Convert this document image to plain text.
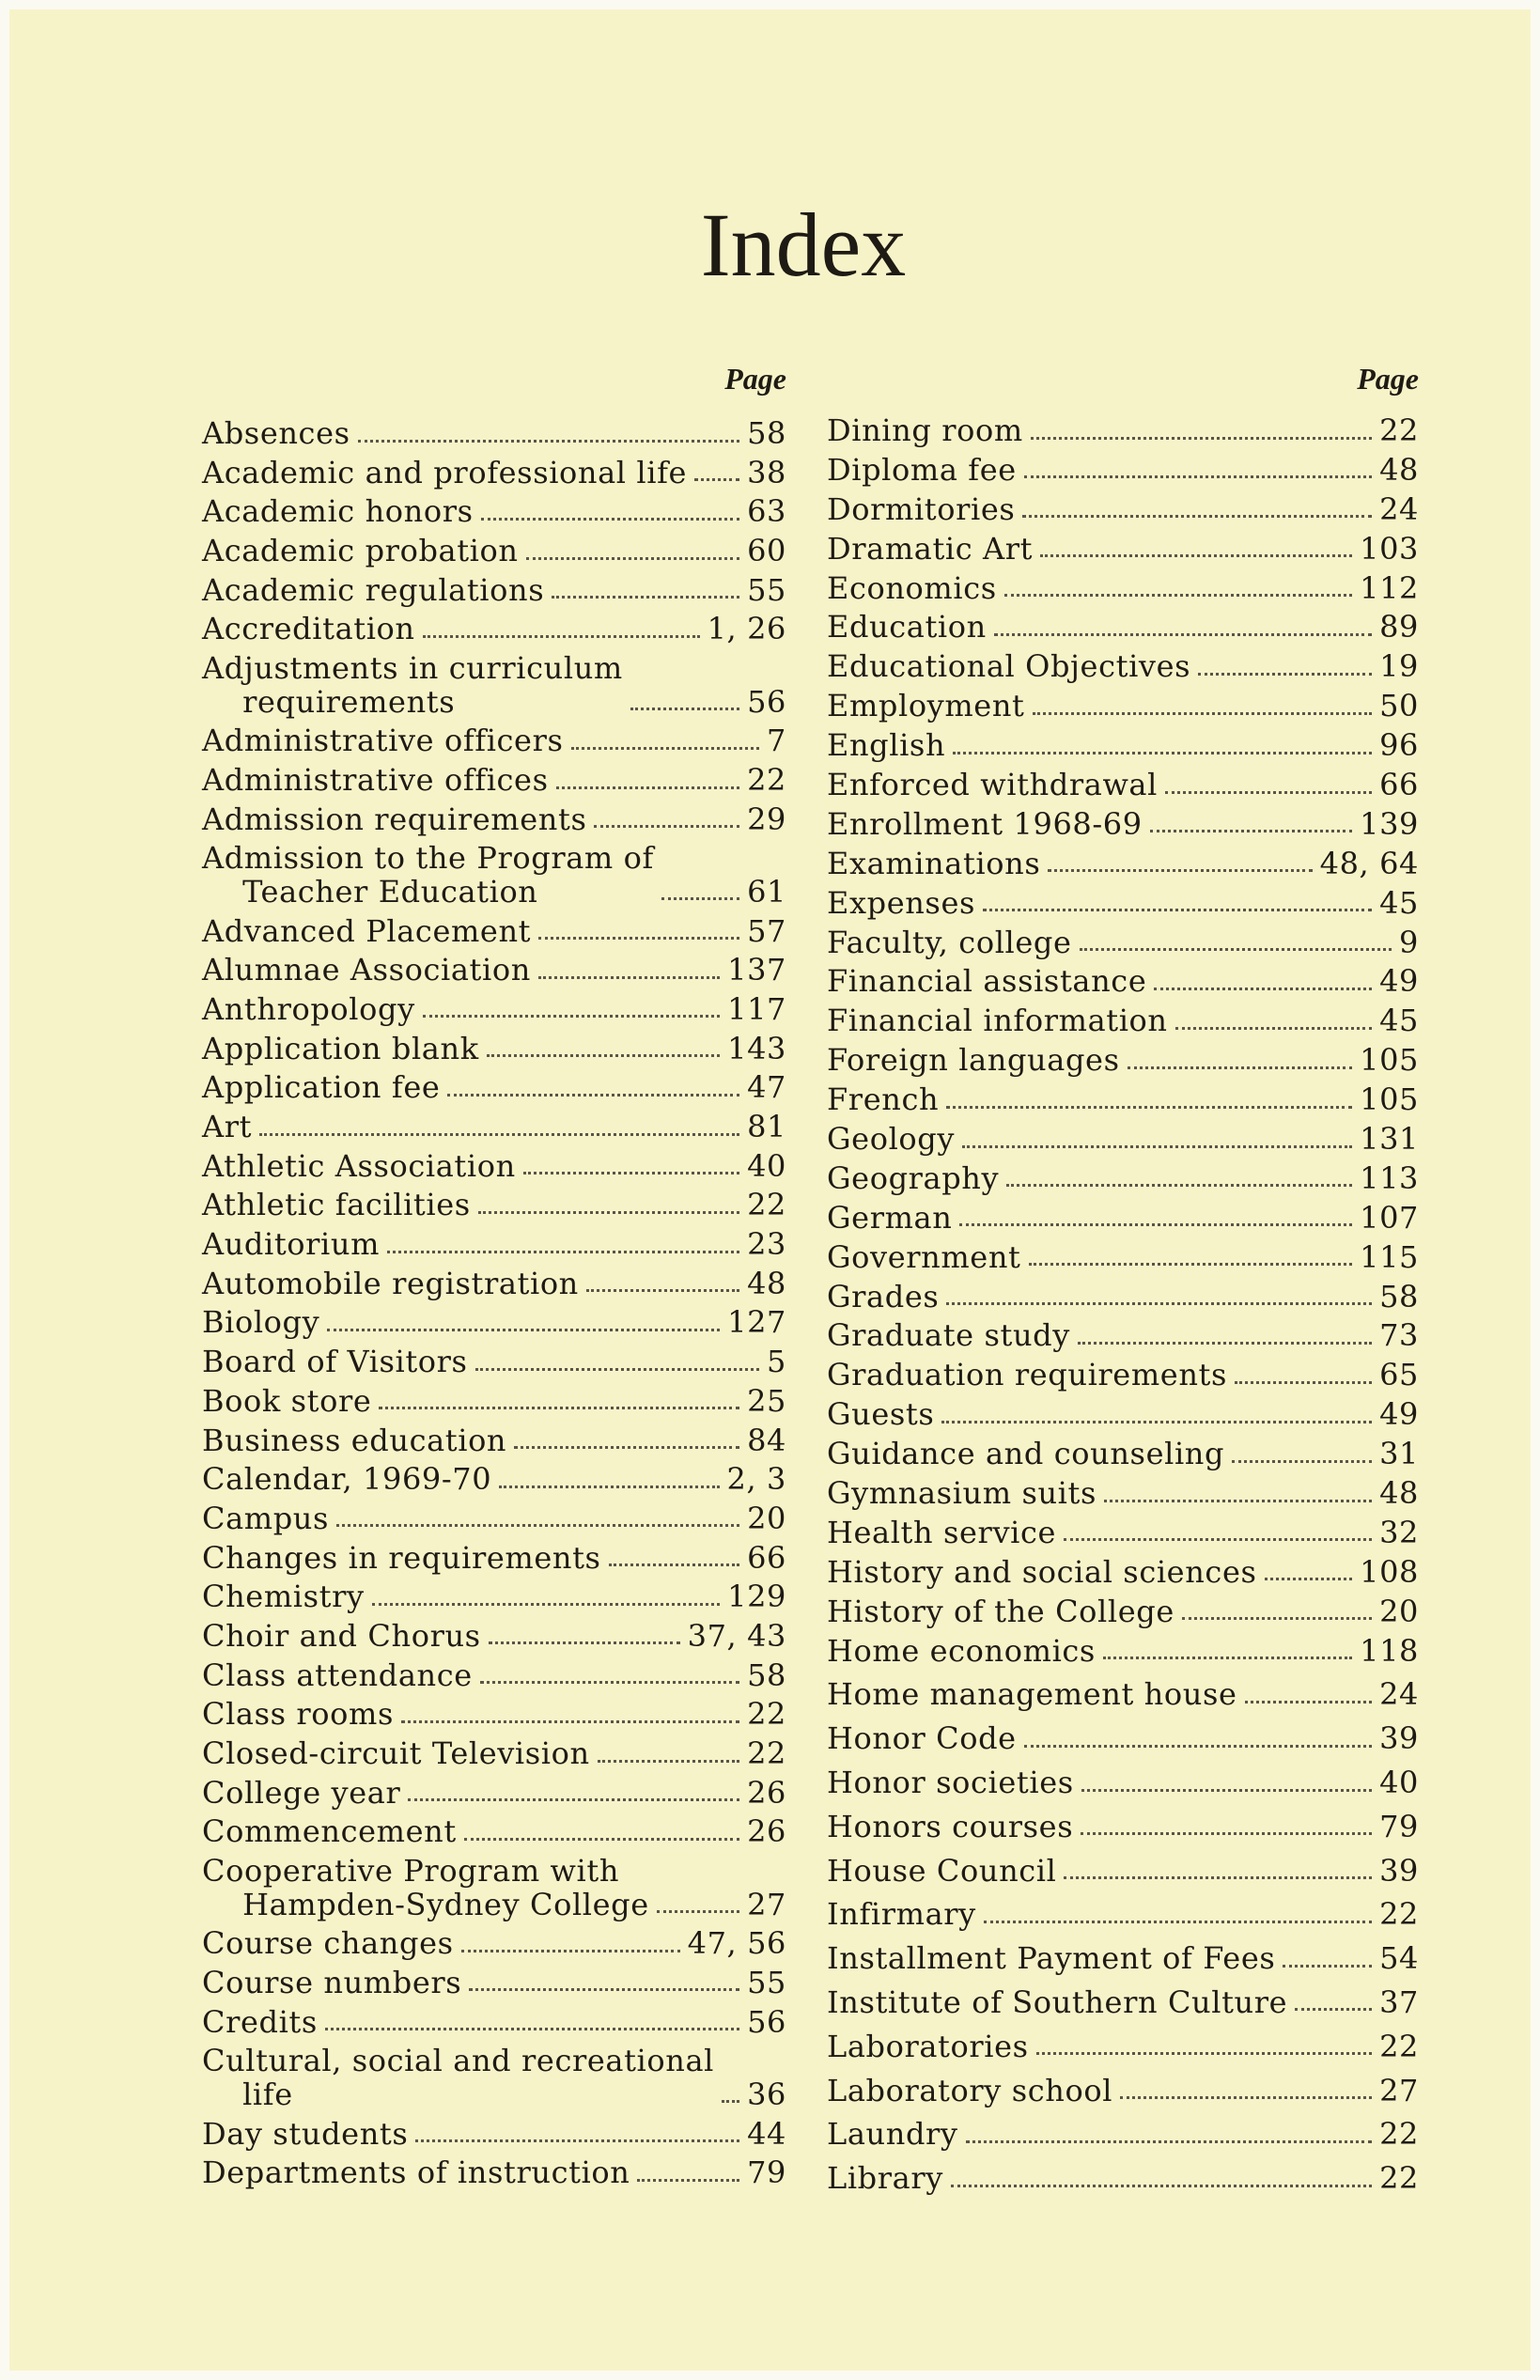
Index
Page
Absences	58
Academic and professional life 38
Academic honors	63
Academic probation	60
Academic regulations	55
Accreditation	1, 26
Adjustments in curriculum
requirements	56
Administrative officers	7
Administrative offices	22
Admission requirements	29
Admission to the Program of
Teacher Education	61
Advanced Placement	57
Alumnae Association	137
Anthropology	117
Application blank	143
Application fee	47
Art	81
Athletic Association	40
Athletic facilities	22
Auditorium	23
Automobile registration	48
Biology	127
Board of Visitors	5
Book store	25
Business education	84
Calendar, 1969-70	2, 3
Campus	20
Changes in requirements	66
Chemistry	129
Choir and Chorus	37, 43
Class attendance	58
Class rooms	22
Closed-circuit Television	22
College year	26
Commencement	26
Cooperative Program with
Hampden-Sydney College	27
Course changes	47, 56
Course numbers	55
Credits	56
Cultural, social and recreational
life	36
Day students	44
Departments of instruction	79
Page
Dining room	22
Diploma fee	48
Dormitories	24
Dramatic Art	103
Economics	112
Education	89
Educational Objectives	19
Employment	50
English	96
Enforced withdrawal	66
Enrollment 1968-69	139
Examinations	48, 64
Expenses	45
Faculty, college	9
Financial assistance	49
Financial information	45
Foreign languages	105
French	105
Geology	131
Geography	113
German	107
Government	115
Grades	58
Graduate study	73
Graduation requirements	65
Guests	49
Guidance and counseling	31
Gymnasium suits	48
Health service	32
History and social sciences	108
History of the College	20
Home economics	118
Home management house	24
Honor Code	39
Honor societies	40
Honors courses	79
House Council	39
Infirmary	22
Installment Payment of Fees	54
Institute of Southern Culture	37
Laboratories	22
Laboratory school	27
Laundry	22
Library	22
